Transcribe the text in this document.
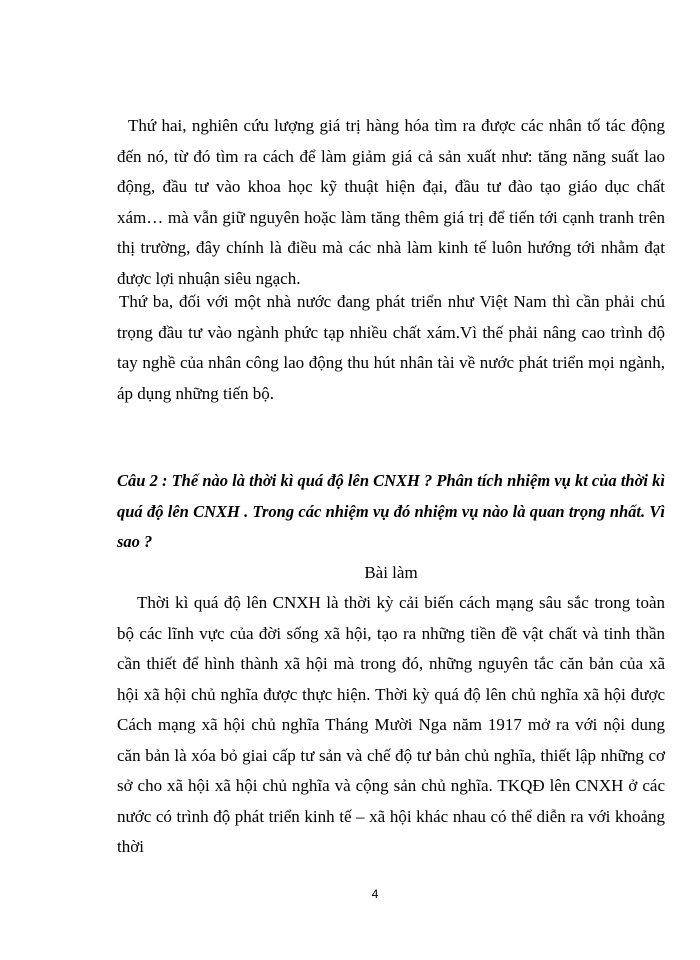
Thứ hai, nghiên cứu lượng giá trị hàng hóa tìm ra được các nhân tố tác động đến nó, từ đó tìm ra cách để làm giảm giá cả sản xuất như: tăng năng suất lao động, đầu tư vào khoa học kỹ thuật hiện đại, đầu tư đào tạo giáo dục chất xám… mà vẫn giữ nguyên hoặc làm tăng thêm giá trị để tiến tới cạnh tranh trên thị trường, đây chính là điều mà các nhà làm kinh tế luôn hướng tới nhằm đạt được lợi nhuận siêu ngạch.

Thứ ba, đối với một nhà nước đang phát triển như Việt Nam thì cần phải chú trọng đầu tư vào ngành phức tạp nhiều chất xám.Vì thế phải nâng cao trình độ tay nghề của nhân công lao động thu hút nhân tài về nước phát triển mọi ngành, áp dụng những tiến bộ.

Câu 2 : Thế nào là thời kì quá độ lên CNXH ? Phân tích nhiệm vụ kt của thời kì quá độ lên CNXH . Trong các nhiệm vụ đó nhiệm vụ nào là quan trọng nhất. Vì sao ?

Bài làm

Thời kì quá độ lên CNXH là thời kỳ cải biến cách mạng sâu sắc trong toàn bộ các lĩnh vực của đời sống xã hội, tạo ra những tiền đề vật chất và tinh thần cần thiết để hình thành xã hội mà trong đó, những nguyên tắc căn bản của xã hội xã hội chủ nghĩa được thực hiện. Thời kỳ quá độ lên chủ nghĩa xã hội được Cách mạng xã hội chủ nghĩa Tháng Mười Nga năm 1917 mở ra với nội dung căn bản là xóa bỏ giai cấp tư sản và chế độ tư bản chủ nghĩa, thiết lập những cơ sở cho xã hội xã hội chủ nghĩa và cộng sản chủ nghĩa. TKQĐ lên CNXH ở các nước có trình độ phát triển kinh tế – xã hội khác nhau có thể diễn ra với khoảng thời

4
